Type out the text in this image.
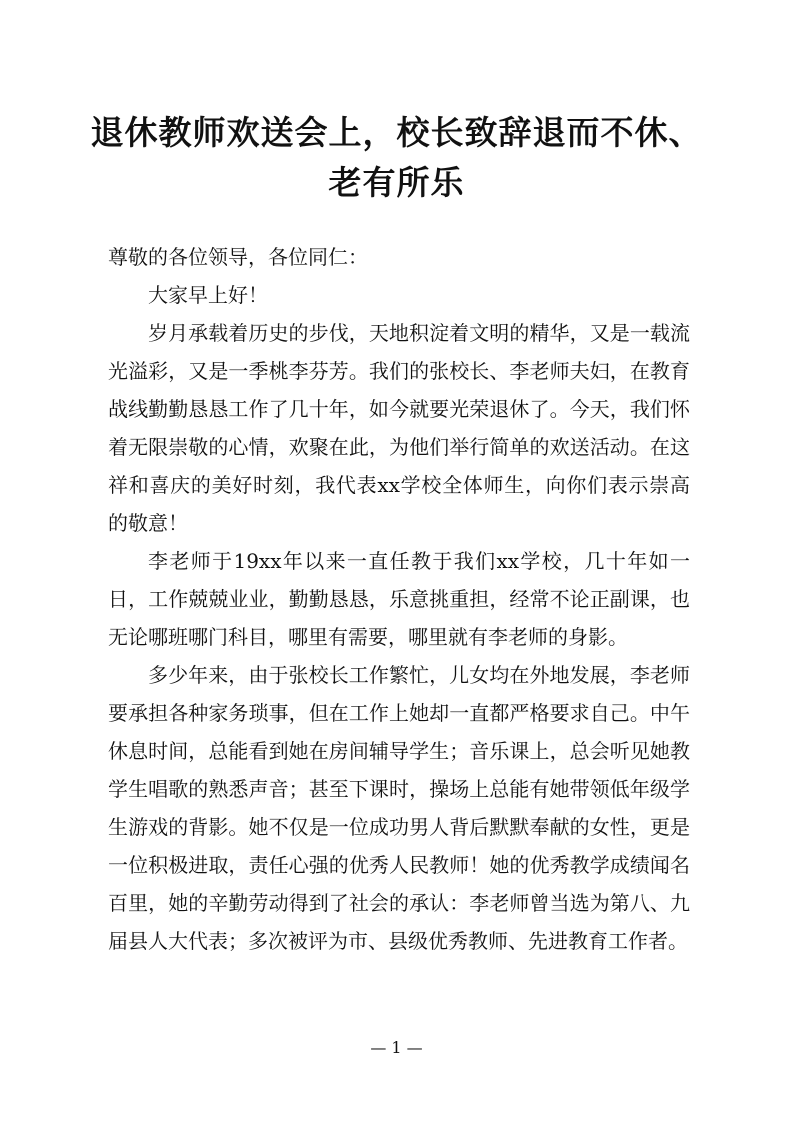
退休教师欢送会上，校长致辞退而不休、
老有所乐

尊敬的各位领导，各位同仁：

大家早上好！

岁月承载着历史的步伐，天地积淀着文明的精华，又是一载流光溢彩，又是一季桃李芬芳。我们的张校长、李老师夫妇，在教育战线勤勤恳恳工作了几十年，如今就要光荣退休了。今天，我们怀着无限崇敬的心情，欢聚在此，为他们举行简单的欢送活动。在这祥和喜庆的美好时刻，我代表xx学校全体师生，向你们表示崇高的敬意！

李老师于19xx年以来一直任教于我们xx学校，几十年如一日，工作兢兢业业，勤勤恳恳，乐意挑重担，经常不论正副课，也无论哪班哪门科目，哪里有需要，哪里就有李老师的身影。

多少年来，由于张校长工作繁忙，儿女均在外地发展，李老师要承担各种家务琐事，但在工作上她却一直都严格要求自己。中午休息时间，总能看到她在房间辅导学生；音乐课上，总会听见她教学生唱歌的熟悉声音；甚至下课时，操场上总能有她带领低年级学生游戏的背影。她不仅是一位成功男人背后默默奉献的女性，更是一位积极进取，责任心强的优秀人民教师！她的优秀教学成绩闻名百里，她的辛勤劳动得到了社会的承认：李老师曾当选为第八、九届县人大代表；多次被评为市、县级优秀教师、先进教育工作者。

— 1 —
